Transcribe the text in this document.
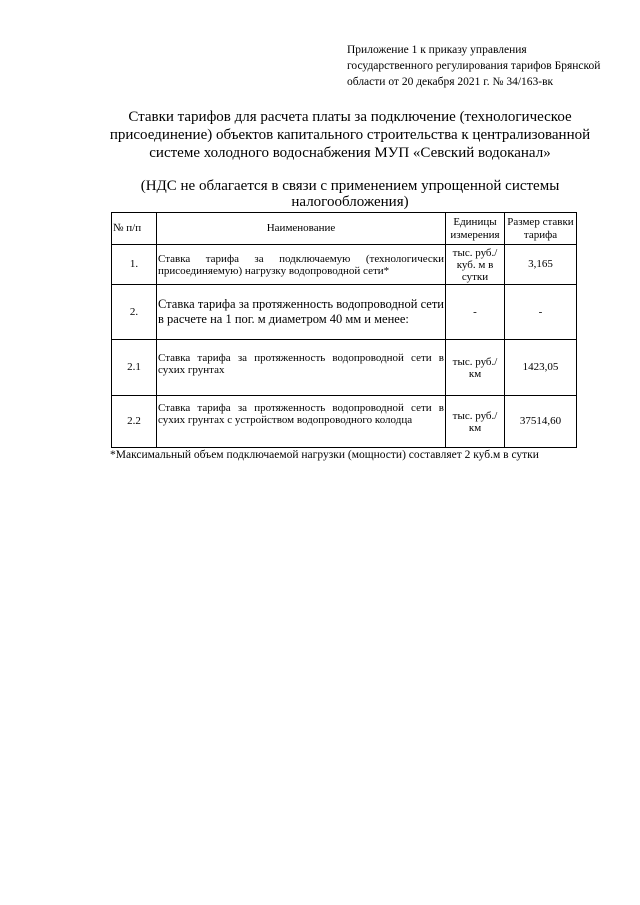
Приложение 1 к приказу управления
государственного регулирования тарифов Брянской
области от 20 декабря 2021 г. № 34/163-вк
Ставки тарифов для расчета платы за подключение (технологическое
присоединение) объектов капитального строительства к централизованной
системе холодного водоснабжения МУП «Севский водоканал»
(НДС не облагается в связи с применением упрощенной системы
налогообложения)
№ п/п	Наименование	Единицы измерения	Размер ставки тарифа
1.	Ставка тарифа за подключаемую (технологически присоединяемую) нагрузку водопроводной сети*	тыс. руб./куб. м в сутки	3,165
2.	Ставка тарифа за протяженность водопроводной сети в расчете на 1 пог. м диаметром 40 мм и менее:	-	-
2.1	Ставка тарифа за протяженность водопроводной сети в сухих грунтах	тыс. руб./км	1423,05
2.2	Ставка тарифа за протяженность водопроводной сети в сухих грунтах с устройством водопроводного колодца	тыс. руб./км	37514,60
*Максимальный объем подключаемой нагрузки (мощности) составляет 2 куб.м в сутки
